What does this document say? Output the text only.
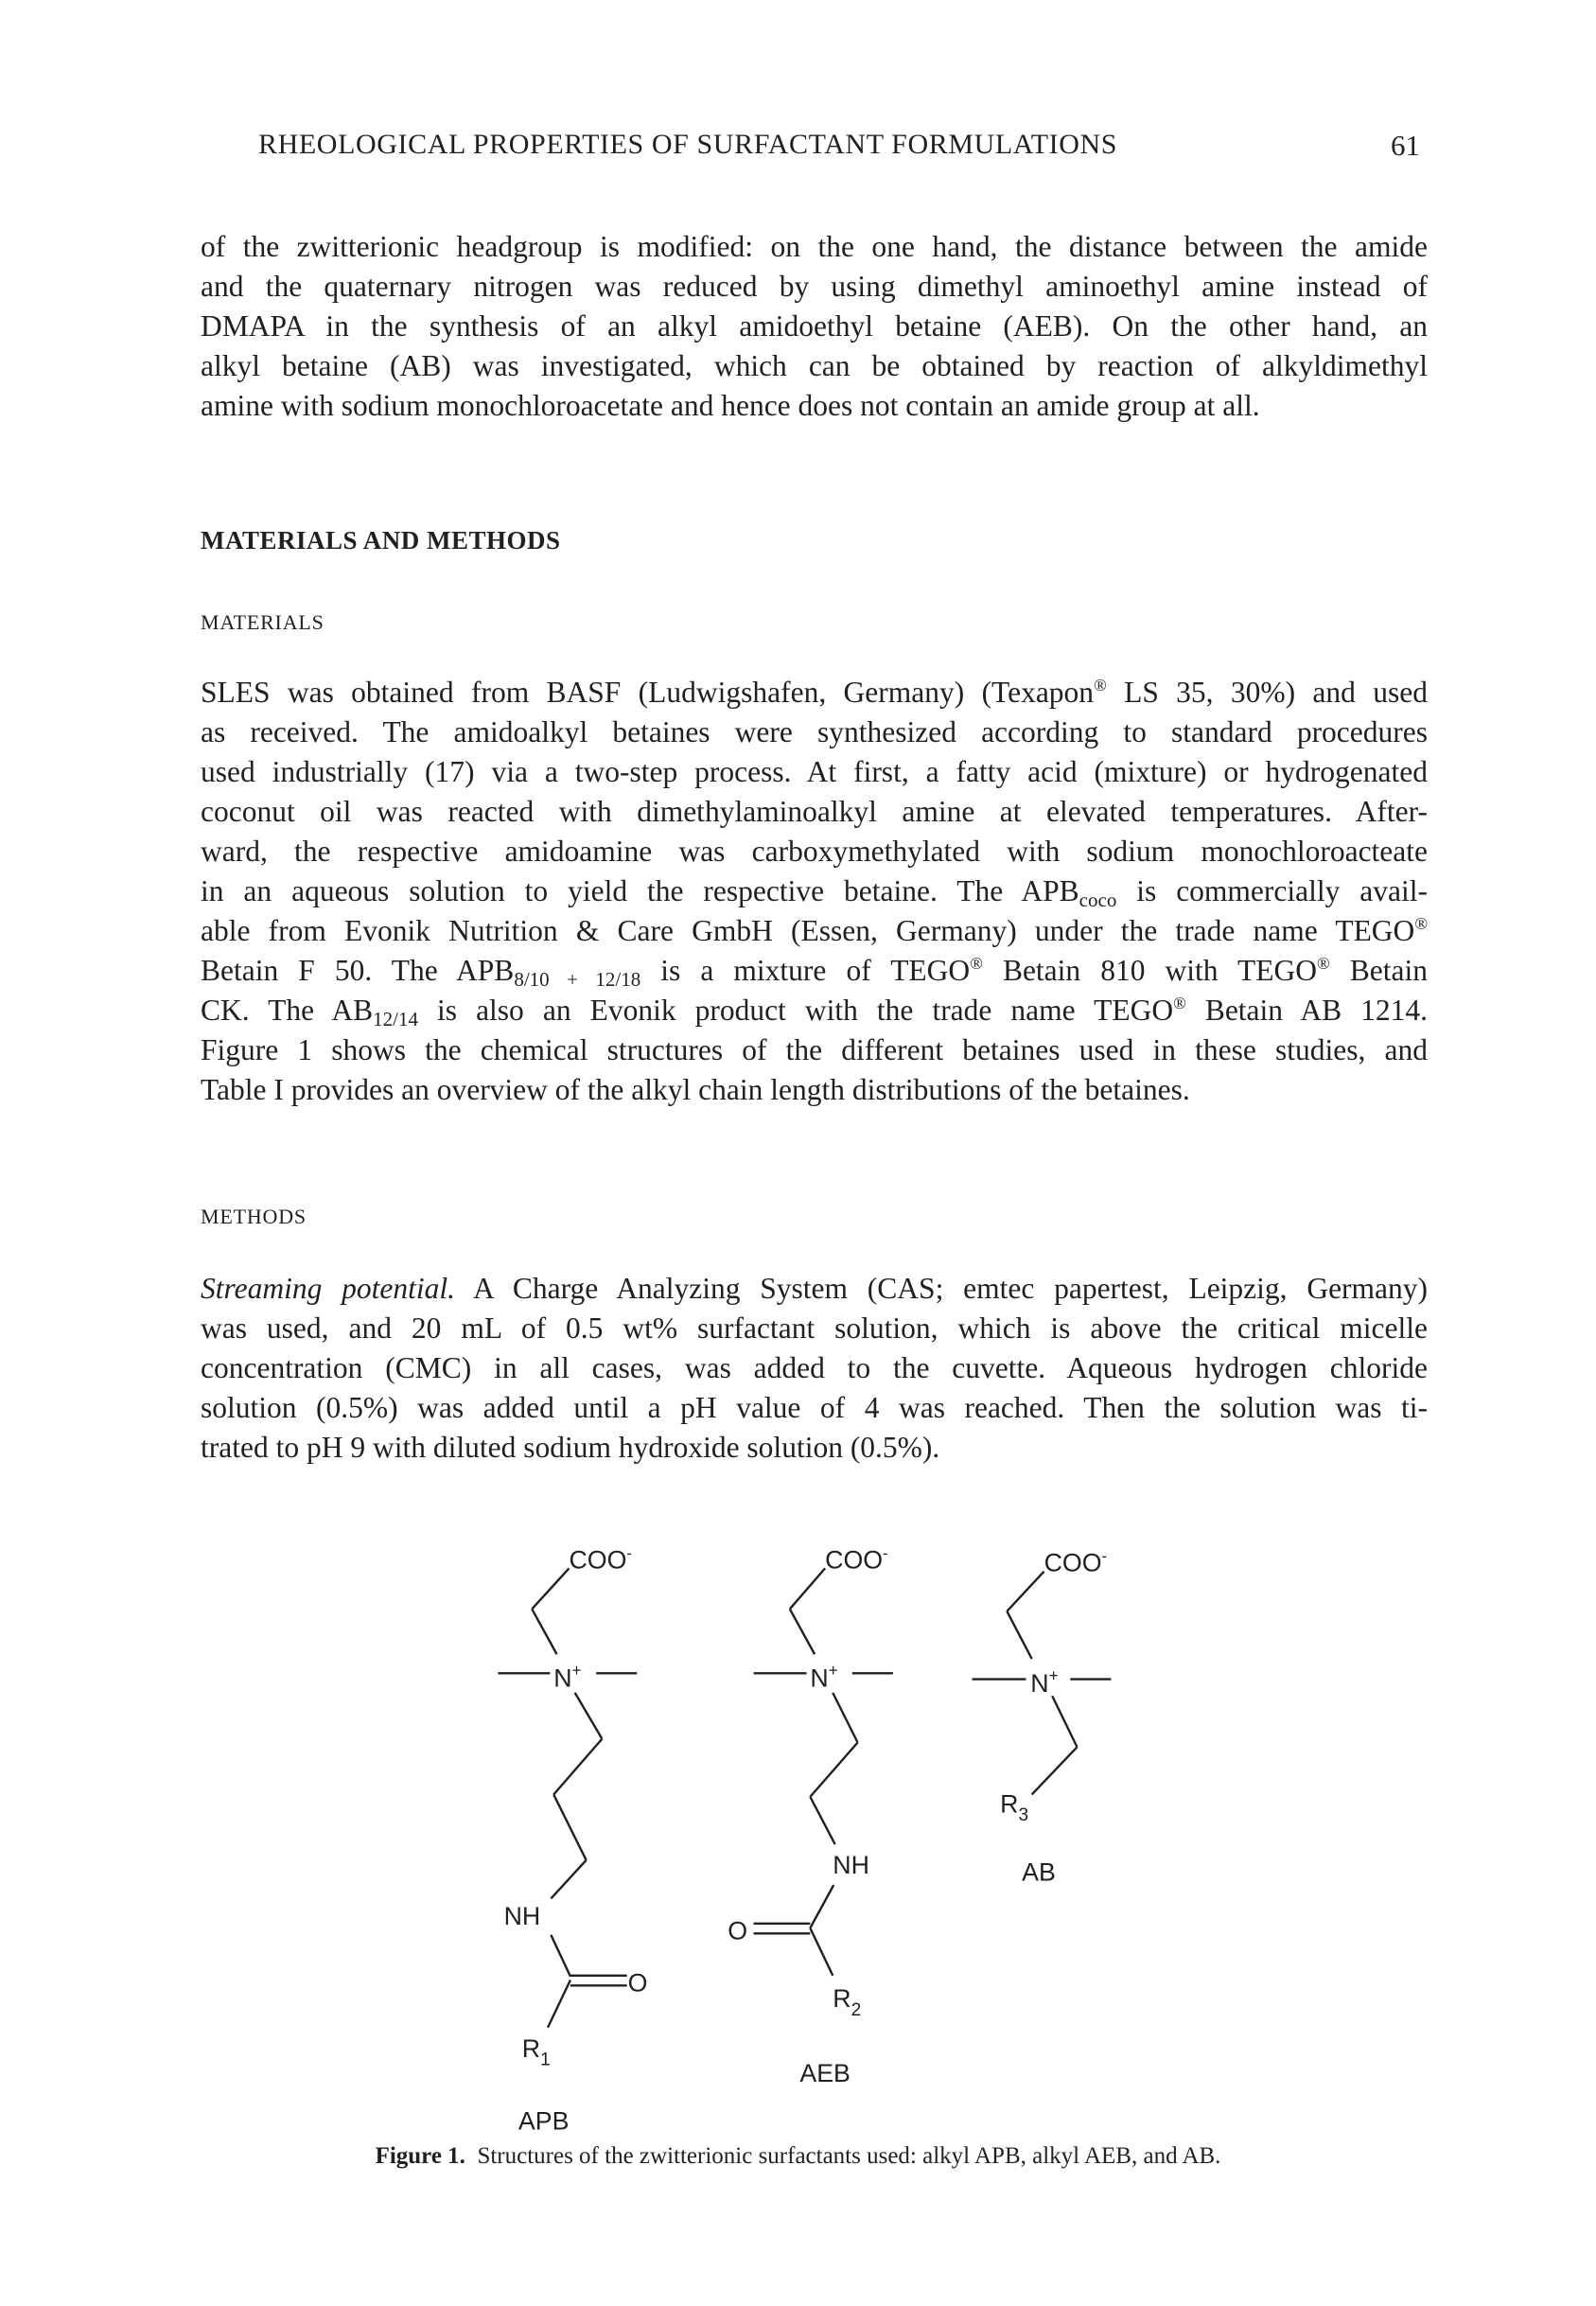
RHEOLOGICAL PROPERTIES OF SURFACTANT FORMULATIONS	61
of the zwitterionic headgroup is modified: on the one hand, the distance between the amide
and the quaternary nitrogen was reduced by using dimethyl aminoethyl amine instead of
DMAPA in the synthesis of an alkyl amidoethyl betaine (AEB). On the other hand, an
alkyl betaine (AB) was investigated, which can be obtained by reaction of alkyldimethyl
amine with sodium monochloroacetate and hence does not contain an amide group at all.
MATERIALS AND METHODS
MATERIALS
SLES was obtained from BASF (Ludwigshafen, Germany) (Texapon® LS 35, 30%) and used
as received. The amidoalkyl betaines were synthesized according to standard procedures
used industrially (17) via a two-step process. At first, a fatty acid (mixture) or hydrogenated
coconut oil was reacted with dimethylaminoalkyl amine at elevated temperatures. After-
ward, the respective amidoamine was carboxymethylated with sodium monochloroacteate
in an aqueous solution to yield the respective betaine. The $APB_{coco}$ is commercially avail-
able from Evonik Nutrition & Care GmbH (Essen, Germany) under the trade name TEGO®
Betain F 50. The $APB_{8/10 + 12/18}$ is a mixture of TEGO® Betain 810 with TEGO® Betain
CK. The $AB_{12/14}$ is also an Evonik product with the trade name TEGO® Betain AB 1214.
Figure 1 shows the chemical structures of the different betaines used in these studies, and
Table I provides an overview of the alkyl chain length distributions of the betaines.
METHODS
Streaming potential. A Charge Analyzing System (CAS; emtec papertest, Leipzig, Germany)
was used, and 20 mL of 0.5 wt% surfactant solution, which is above the critical micelle
concentration (CMC) in all cases, was added to the cuvette. Aqueous hydrogen chloride
solution (0.5%) was added until a pH value of 4 was reached. Then the solution was ti-
trated to pH 9 with diluted sodium hydroxide solution (0.5%).
COO-
N+
NH
O
$R_1$
APB
COO-
N+
NH
O
$R_2$
AEB
COO-
N+
$R_3$
AB
Figure 1. Structures of the zwitterionic surfactants used: alkyl APB, alkyl AEB, and AB.
